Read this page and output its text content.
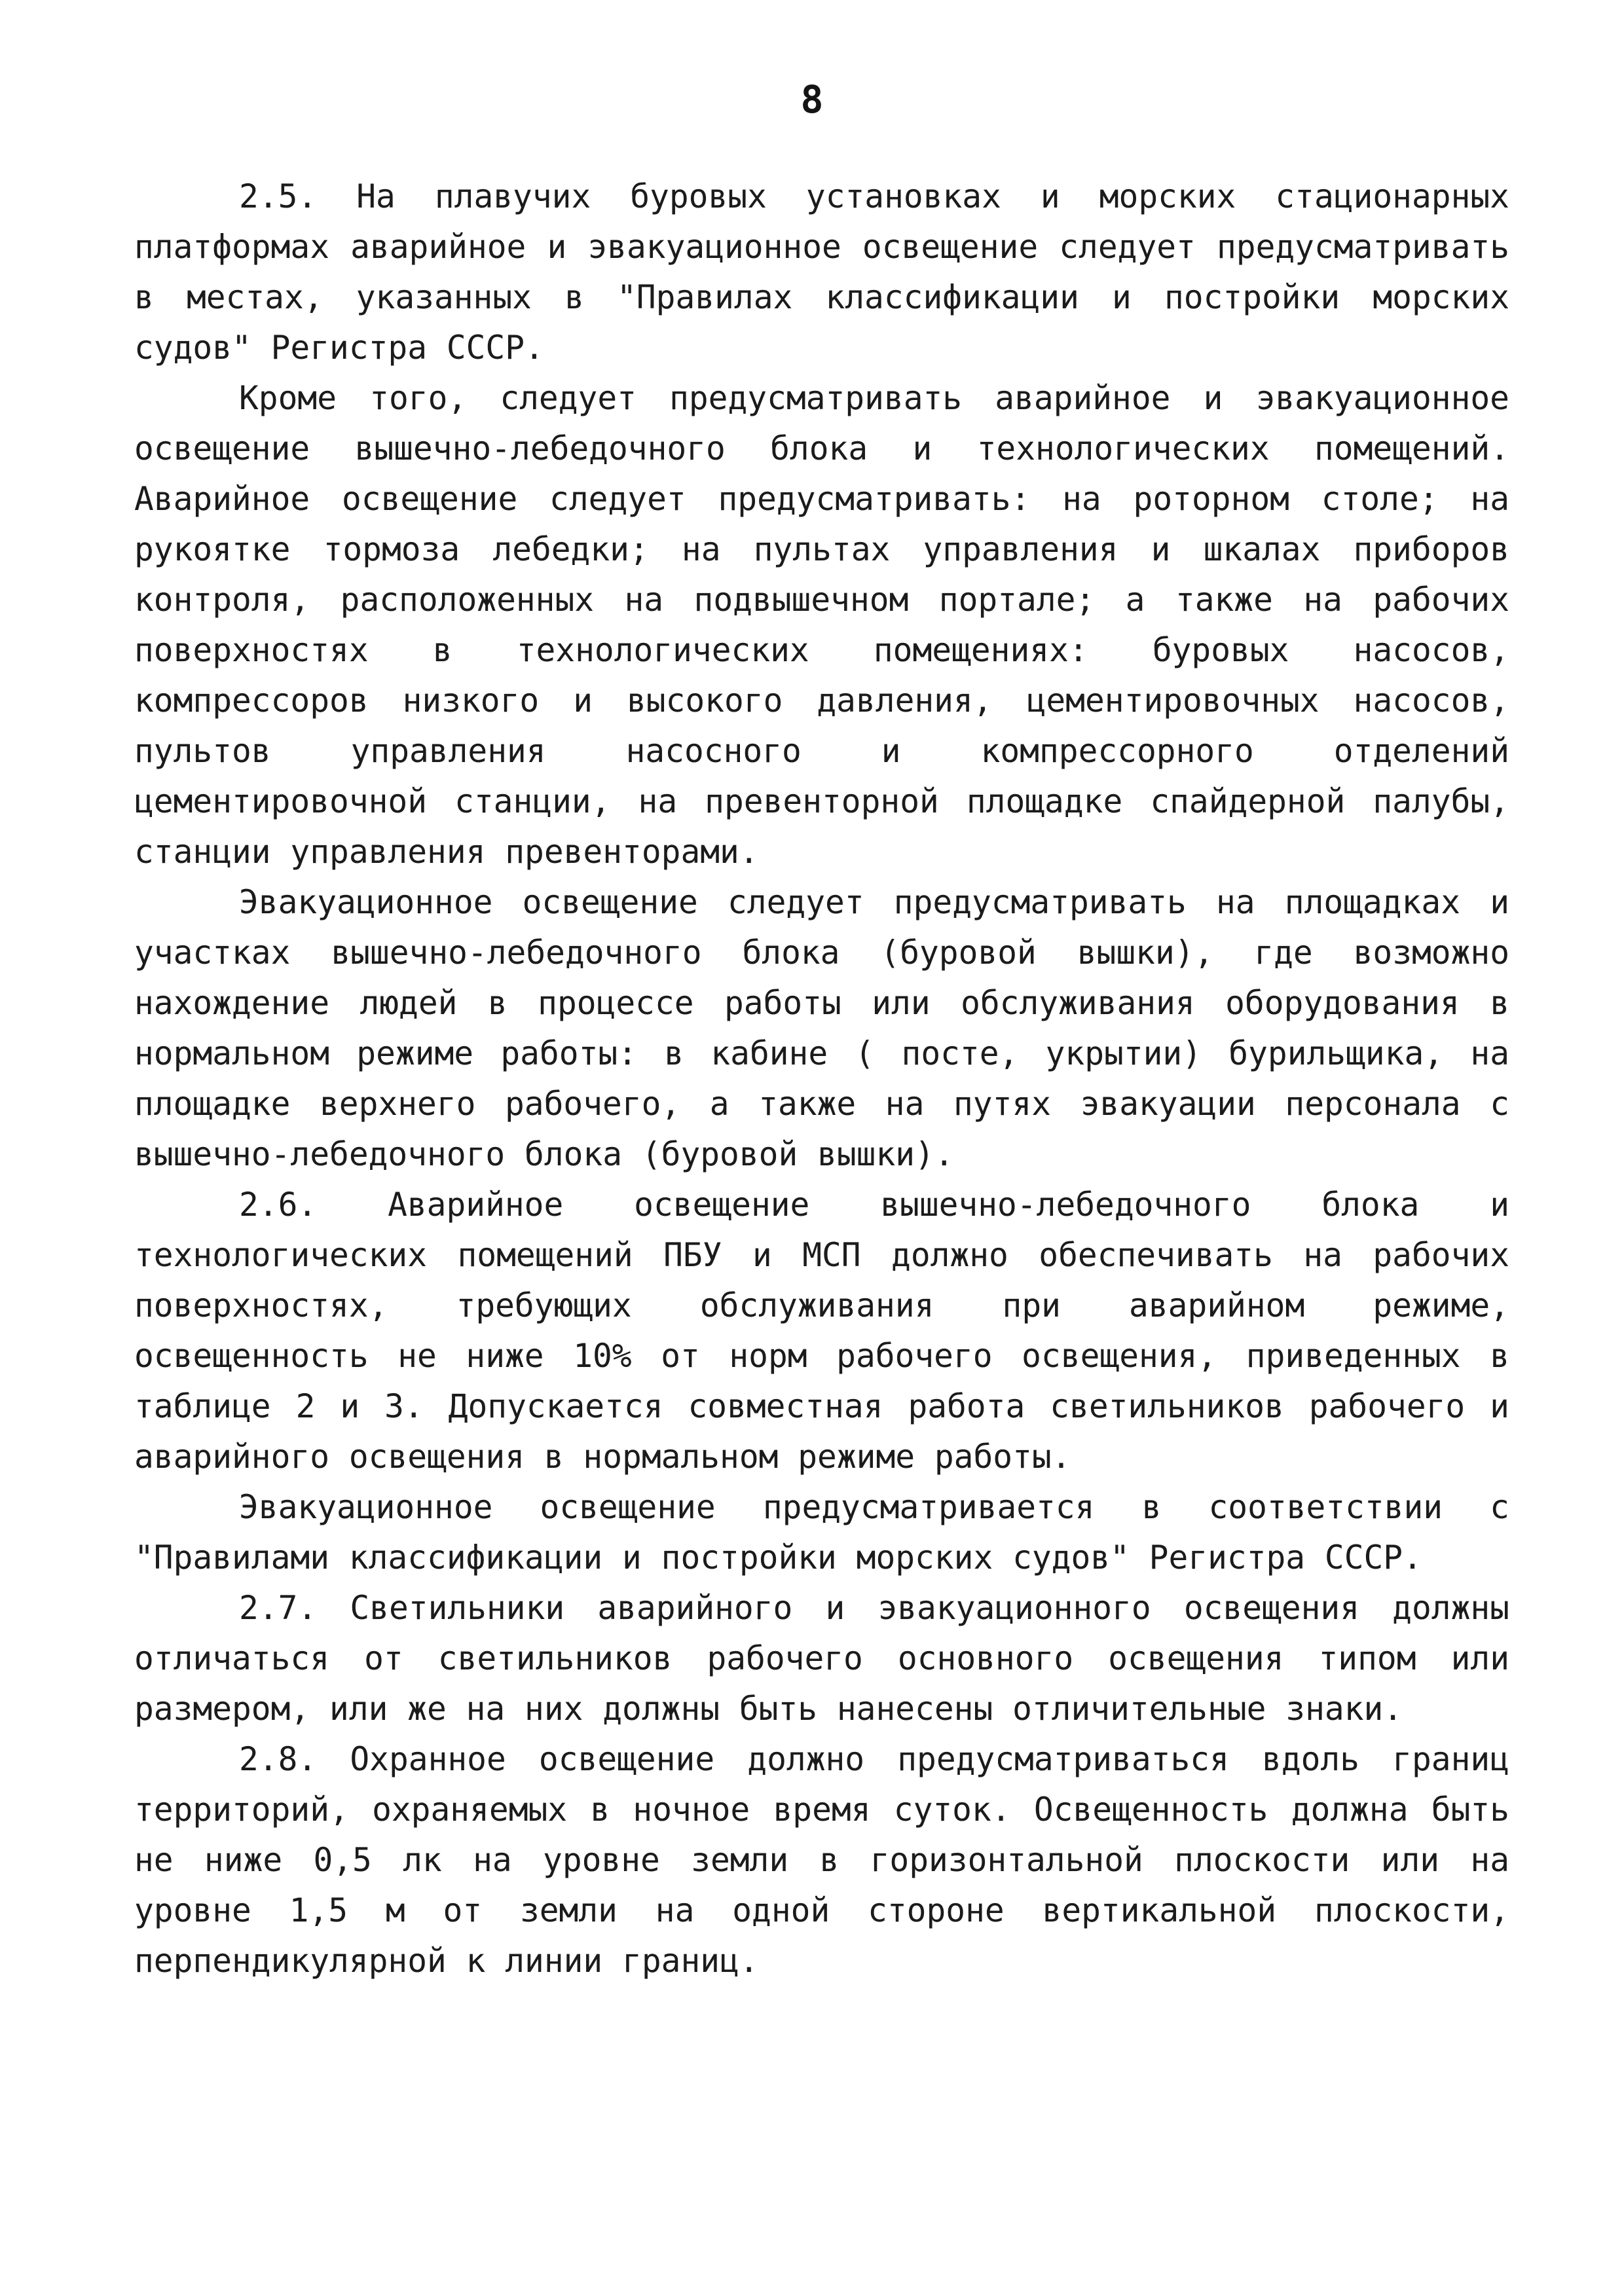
8

2.5. На плавучих буровых установках и морских стационарных платформах аварийное и эвакуационное освещение следует предусматривать в местах, указанных в "Правилах классификации и постройки морских судов" Регистра СССР.

Кроме того, следует предусматривать аварийное и эвакуационное освещение вышечно-лебедочного блока и технологических помещений. Аварийное освещение следует предусматривать: на роторном столе; на рукоятке тормоза лебедки; на пультах управления и шкалах приборов контроля, расположенных на подвышечном портале; а также на рабочих поверхностях в технологических помещениях: буровых насосов, компрессоров низкого и высокого давления, цементировочных насосов, пультов управления насосного и компрессорного отделений цементировочной станции, на превенторной площадке спайдерной палубы, станции управления превенторами.

Эвакуационное освещение следует предусматривать на площадках и участках вышечно-лебедочного блока (буровой вышки), где возможно нахождение людей в процессе работы или обслуживания оборудования в нормальном режиме работы: в кабине ( посте, укрытии) бурильщика, на площадке верхнего рабочего, а также на путях эвакуации персонала с вышечно-лебедочного блока (буровой вышки).

2.6. Аварийное освещение вышечно-лебедочного блока и технологических помещений ПБУ и МСП должно обеспечивать на рабочих поверхностях, требующих обслуживания при аварийном режиме, освещенность не ниже 10% от норм рабочего освещения, приведенных в таблице 2 и 3. Допускается совместная работа светильников рабочего и аварийного освещения в нормальном режиме работы.

Эвакуационное освещение предусматривается в соответствии с "Правилами классификации и постройки морских судов" Регистра СССР.

2.7. Светильники аварийного и эвакуационного освещения должны отличаться от светильников рабочего основного освещения типом или размером, или же на них должны быть нанесены отличительные знаки.

2.8. Охранное освещение должно предусматриваться вдоль границ территорий, охраняемых в ночное время суток. Освещенность должна быть не ниже 0,5 лк на уровне земли в горизонтальной плоскости или на уровне 1,5 м от земли на одной стороне вертикальной плоскости, перпендикулярной к линии границ.
